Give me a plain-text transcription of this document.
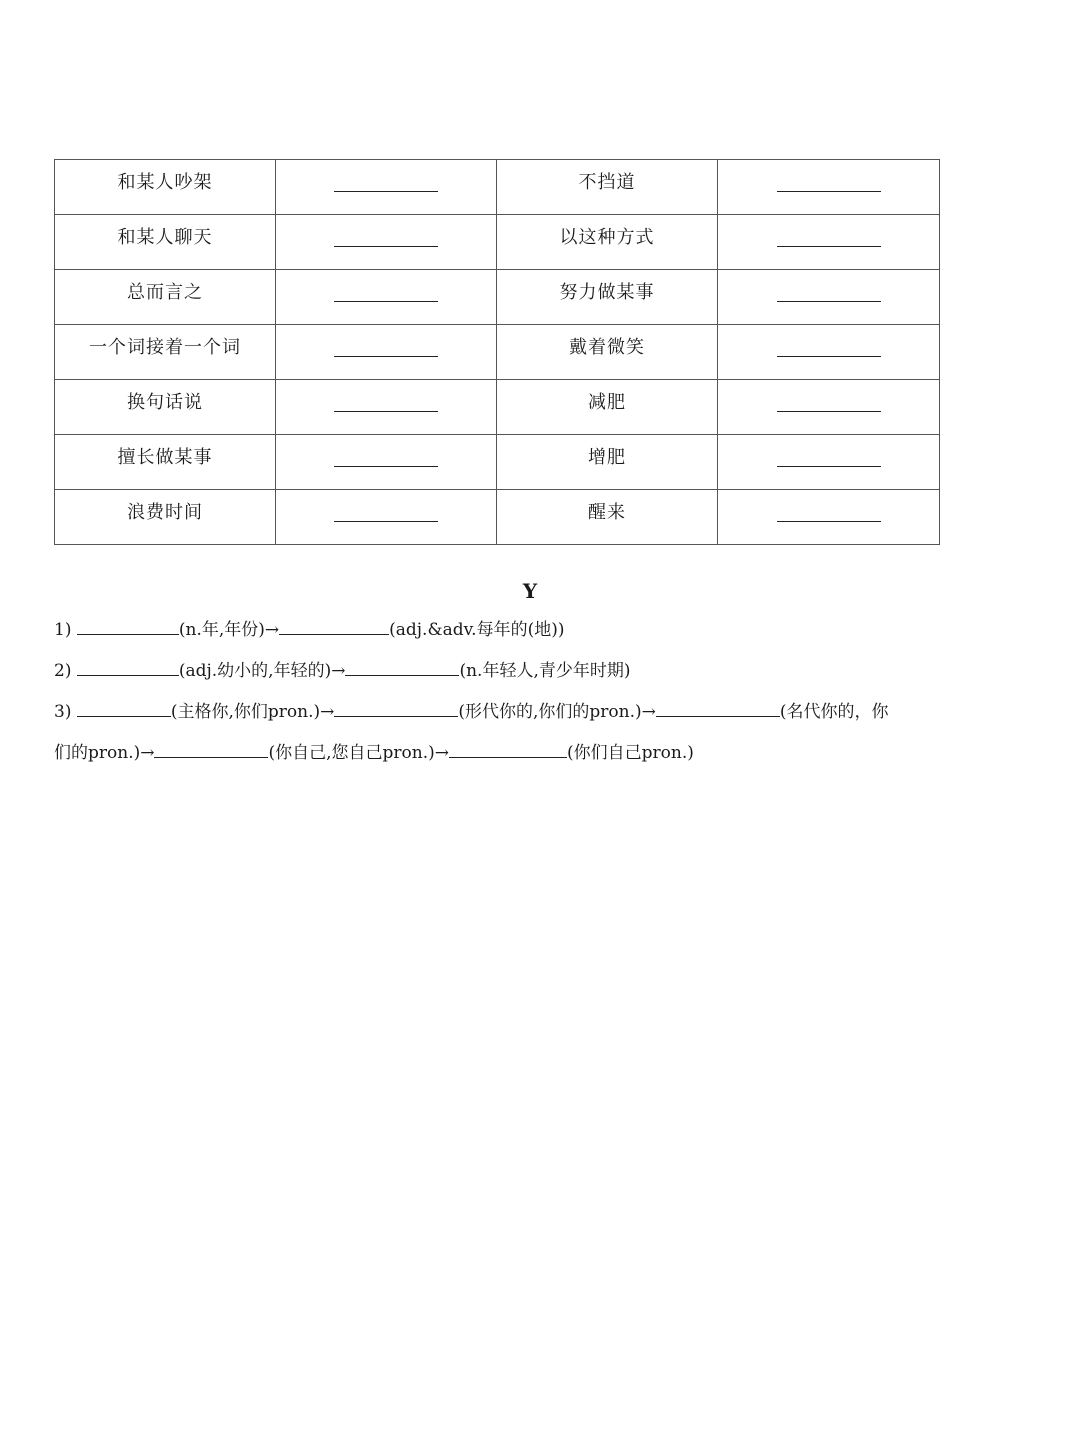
和某人吵架		不挡道	
和某人聊天		以这种方式	
总而言之		努力做某事	
一个词接着一个词		戴着微笑	
换句话说		减肥	
擅长做某事		增肥	
浪费时间		醒来	
Y

1)	(n.年,年份)→	(adj.&adv.每年的(地))

2)	(adj.幼小的,年轻的)→	(n.年轻人,青少年时期)

3)	(主格你,你们pron.)→	(形代你的,你们的pron.)→	(名代你的，你

们的pron.)→	(你自己,您自己pron.)→	(你们自己pron.)
